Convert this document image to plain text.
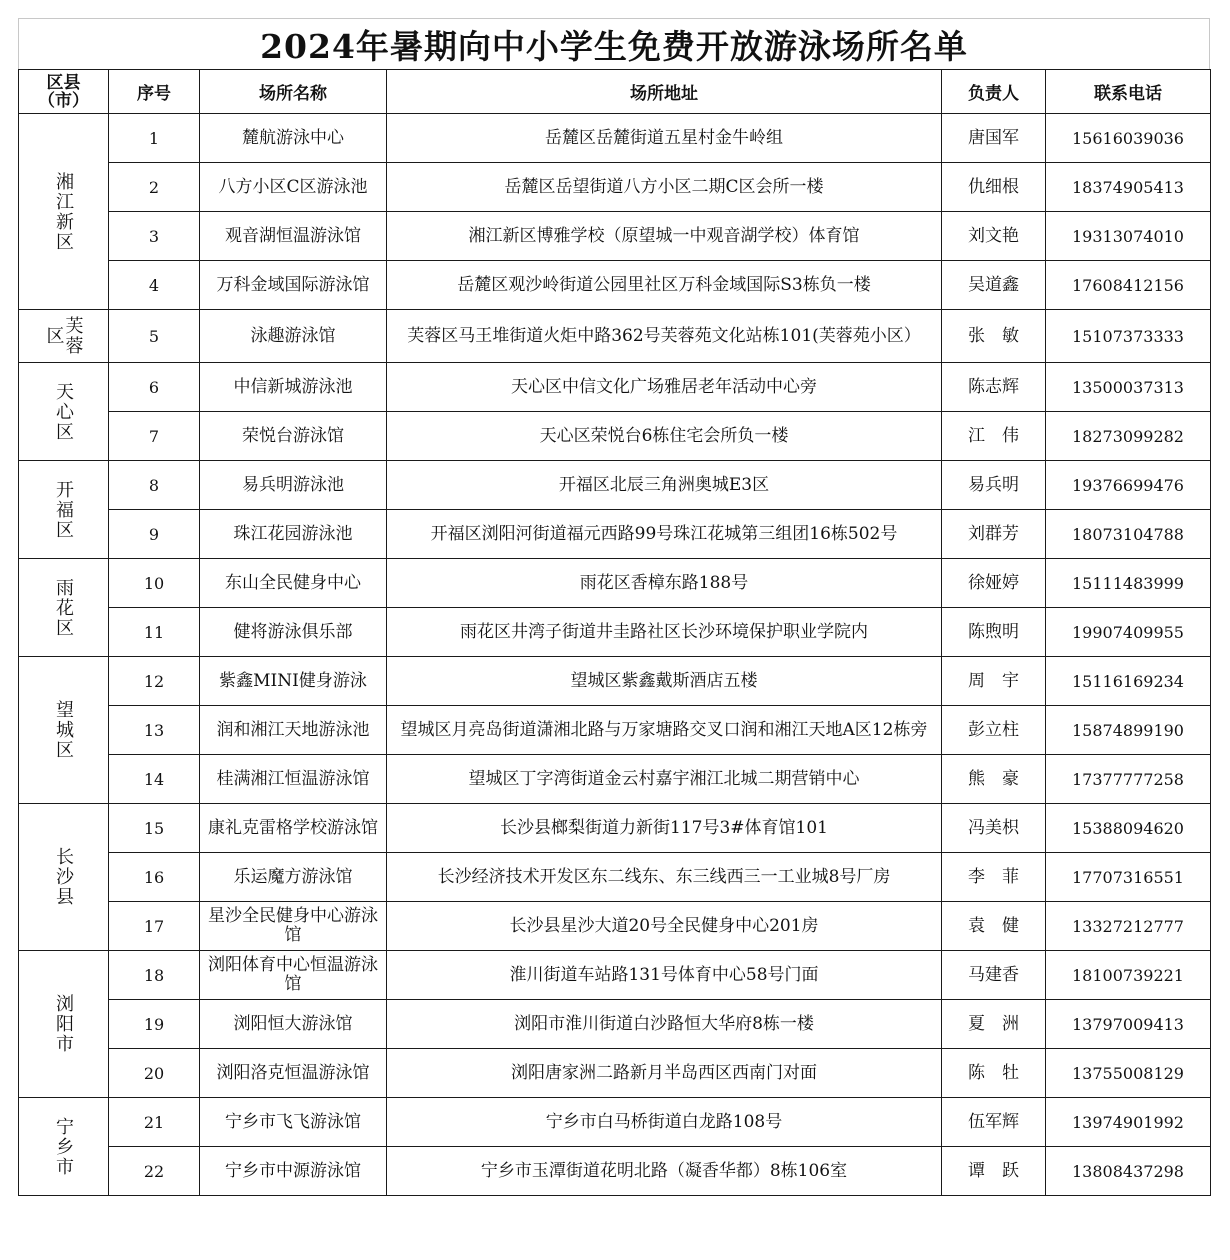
2024年暑期向中小学生免费开放游泳场所名单
区县
（市）	序号	场所名称	场所地址	负责人	联系电话
湘江新区	1	麓航游泳中心	岳麓区岳麓街道五星村金牛岭组	唐国军	15616039036
	2	八方小区C区游泳池	岳麓区岳望街道八方小区二期C区会所一楼	仇细根	18374905413
	3	观音湖恒温游泳馆	湘江新区博雅学校（原望城一中观音湖学校）体育馆	刘文艳	19313074010
	4	万科金域国际游泳馆	岳麓区观沙岭街道公园里社区万科金域国际S3栋负一楼	吴道鑫	17608412156
芙蓉区	5	泳趣游泳馆	芙蓉区马王堆街道火炬中路362号芙蓉苑文化站栋101(芙蓉苑小区）	张　敏	15107373333
天心区	6	中信新城游泳池	天心区中信文化广场雅居老年活动中心旁	陈志辉	13500037313
	7	荣悦台游泳馆	天心区荣悦台6栋住宅会所负一楼	江　伟	18273099282
开福区	8	易兵明游泳池	开福区北辰三角洲奥城E3区	易兵明	19376699476
	9	珠江花园游泳池	开福区浏阳河街道福元西路99号珠江花城第三组团16栋502号	刘群芳	18073104788
雨花区	10	东山全民健身中心	雨花区香樟东路188号	徐娅婷	15111483999
	11	健将游泳俱乐部	雨花区井湾子街道井圭路社区长沙环境保护职业学院内	陈煦明	19907409955
望城区	12	紫鑫MINI健身游泳	望城区紫鑫戴斯酒店五楼	周　宇	15116169234
	13	润和湘江天地游泳池	望城区月亮岛街道潇湘北路与万家塘路交叉口润和湘江天地A区12栋旁	彭立柱	15874899190
	14	桂满湘江恒温游泳馆	望城区丁字湾街道金云村嘉宇湘江北城二期营销中心	熊　豪	17377777258
长沙县	15	康礼克雷格学校游泳馆	长沙县榔梨街道力新街117号3#体育馆101	冯美枳	15388094620
	16	乐运魔方游泳馆	长沙经济技术开发区东二线东、东三线西三一工业城8号厂房	李　菲	17707316551
	17	星沙全民健身中心游泳馆	长沙县星沙大道20号全民健身中心201房	袁　健	13327212777
浏阳市	18	浏阳体育中心恒温游泳馆	淮川街道车站路131号体育中心58号门面	马建香	18100739221
	19	浏阳恒大游泳馆	浏阳市淮川街道白沙路恒大华府8栋一楼	夏　洲	13797009413
	20	浏阳洛克恒温游泳馆	浏阳唐家洲二路新月半岛西区西南门对面	陈　牡	13755008129
宁乡市	21	宁乡市飞飞游泳馆	宁乡市白马桥街道白龙路108号	伍军辉	13974901992
	22	宁乡市中源游泳馆	宁乡市玉潭街道花明北路（凝香华都）8栋106室	谭　跃	13808437298
